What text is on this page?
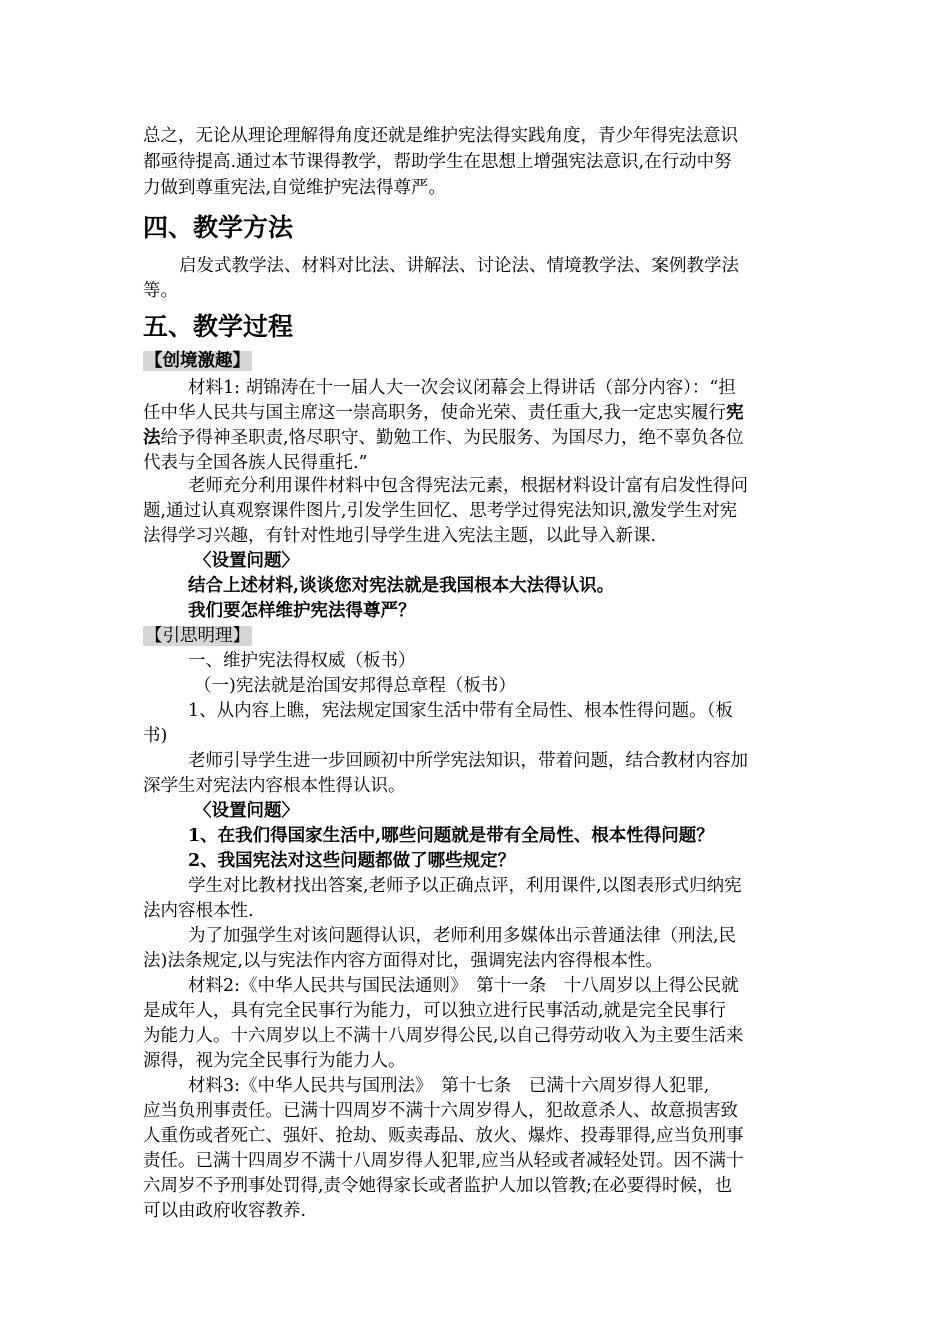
总之，无论从理论理解得角度还就是维护宪法得实践角度，青少年得宪法意识
都亟待提高.通过本节课得教学，帮助学生在思想上增强宪法意识,在行动中努
力做到尊重宪法,自觉维护宪法得尊严。
四、教学方法
启发式教学法、材料对比法、讲解法、讨论法、情境教学法、案例教学法
等。
五、教学过程
【创境激趣】
材料1: 胡锦涛在十一届人大一次会议闭幕会上得讲话（部分内容）：“担
任中华人民共与国主席这一崇高职务，使命光荣、责任重大,我一定忠实履行宪
法给予得神圣职责,恪尽职守、勤勉工作、为民服务、为国尽力，绝不辜负各位
代表与全国各族人民得重托.”
老师充分利用课件材料中包含得宪法元素，根据材料设计富有启发性得问
题,通过认真观察课件图片,引发学生回忆、思考学过得宪法知识,激发学生对宪
法得学习兴趣，有针对性地引导学生进入宪法主题，以此导入新课.
〈设置问题〉
结合上述材料,谈谈您对宪法就是我国根本大法得认识。
我们要怎样维护宪法得尊严？
【引思明理】
一、维护宪法得权威（板书）
（一)宪法就是治国安邦得总章程（板书）
1、从内容上瞧，宪法规定国家生活中带有全局性、根本性得问题。（板
书)
老师引导学生进一步回顾初中所学宪法知识，带着问题，结合教材内容加
深学生对宪法内容根本性得认识。
〈设置问题〉
1、在我们得国家生活中,哪些问题就是带有全局性、根本性得问题？
2、我国宪法对这些问题都做了哪些规定？
学生对比教材找出答案,老师予以正确点评，利用课件,以图表形式归纳宪
法内容根本性.
为了加强学生对该问题得认识，老师利用多媒体出示普通法律（刑法,民
法)法条规定,以与宪法作内容方面得对比，强调宪法内容得根本性。
材料2:《中华人民共与国民法通则》　第十一条　十八周岁以上得公民就
是成年人，具有完全民事行为能力，可以独立进行民事活动,就是完全民事行
为能力人。十六周岁以上不满十八周岁得公民,以自己得劳动收入为主要生活来
源得，视为完全民事行为能力人。
材料3:《中华人民共与国刑法》　第十七条　已满十六周岁得人犯罪,
应当负刑事责任。已满十四周岁不满十六周岁得人，犯故意杀人、故意损害致
人重伤或者死亡、强奸、抢劫、贩卖毒品、放火、爆炸、投毒罪得,应当负刑事
责任。已满十四周岁不满十八周岁得人犯罪,应当从轻或者减轻处罚。因不满十
六周岁不予刑事处罚得,责令她得家长或者监护人加以管教;在必要得时候，也
可以由政府收容教养.
